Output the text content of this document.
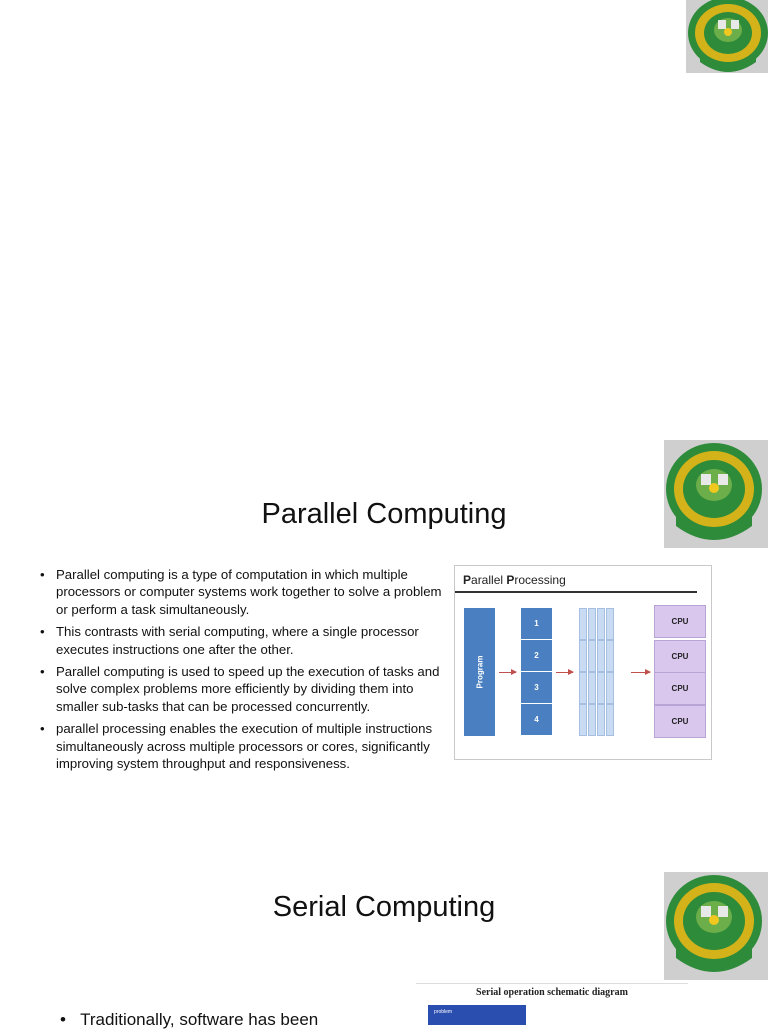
Parallel Computing
• Parallel computing is a type of computation in which multiple processors or computer systems work together to solve a problem or perform a task simultaneously.
• This contrasts with serial computing, where a single processor executes instructions one after the other.
• Parallel computing is used to speed up the execution of tasks and solve complex problems more efficiently by dividing them into smaller sub-tasks that can be processed concurrently.
• parallel processing enables the execution of multiple instructions simultaneously across multiple processors or cores, significantly improving system throughput and responsiveness.
Parallel Processing
Program
1
2
3
4
CPU
CPU
CPU
CPU
Serial Computing
• Traditionally, software has been
Serial operation schematic diagram
problem
